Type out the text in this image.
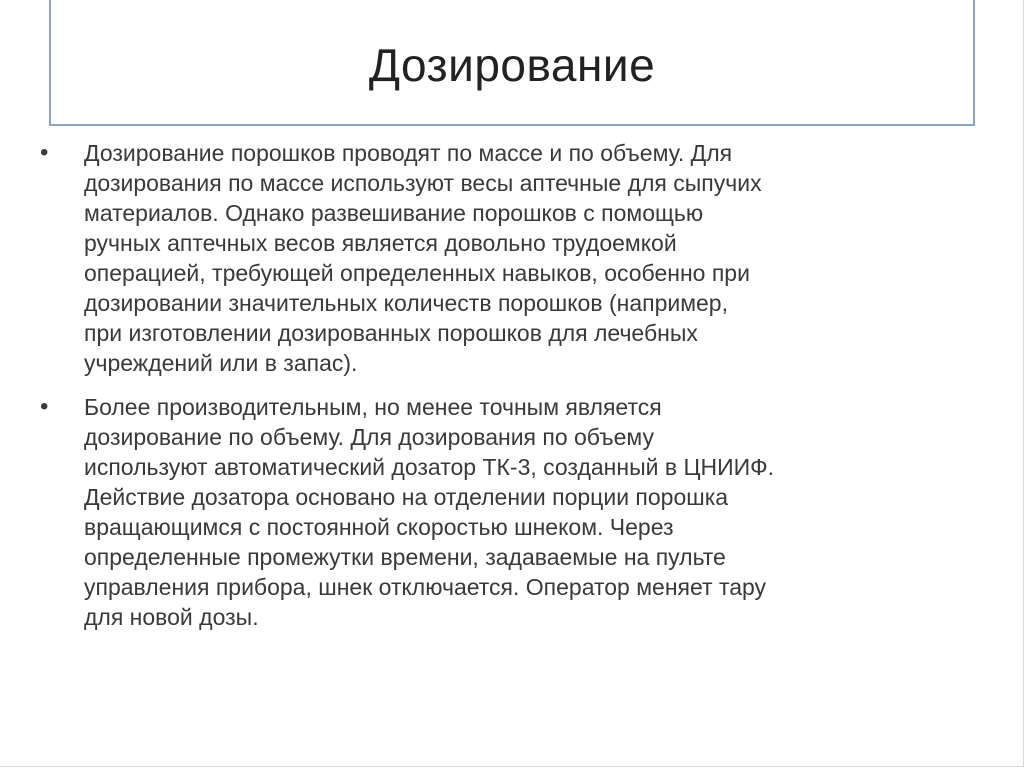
Дозирование
•	Дозирование порошков проводят по массе и по объему. Для
дозирования по массе используют весы аптечные для сыпучих
материалов. Однако развешивание порошков с помощью
ручных аптечных весов является довольно трудоемкой
операцией, требующей определенных навыков, особенно при
дозировании значительных количеств порошков (например,
при изготовлении дозированных порошков для лечебных
учреждений или в запас).
•	Более производительным, но менее точным является
дозирование по объему. Для дозирования по объему
используют автоматический дозатор ТК-3, созданный в ЦНИИФ.
Действие дозатора основано на отделении порции порошка
вращающимся с постоянной скоростью шнеком. Через
определенные промежутки времени, задаваемые на пульте
управления прибора, шнек отключается. Оператор меняет тару
для новой дозы.
